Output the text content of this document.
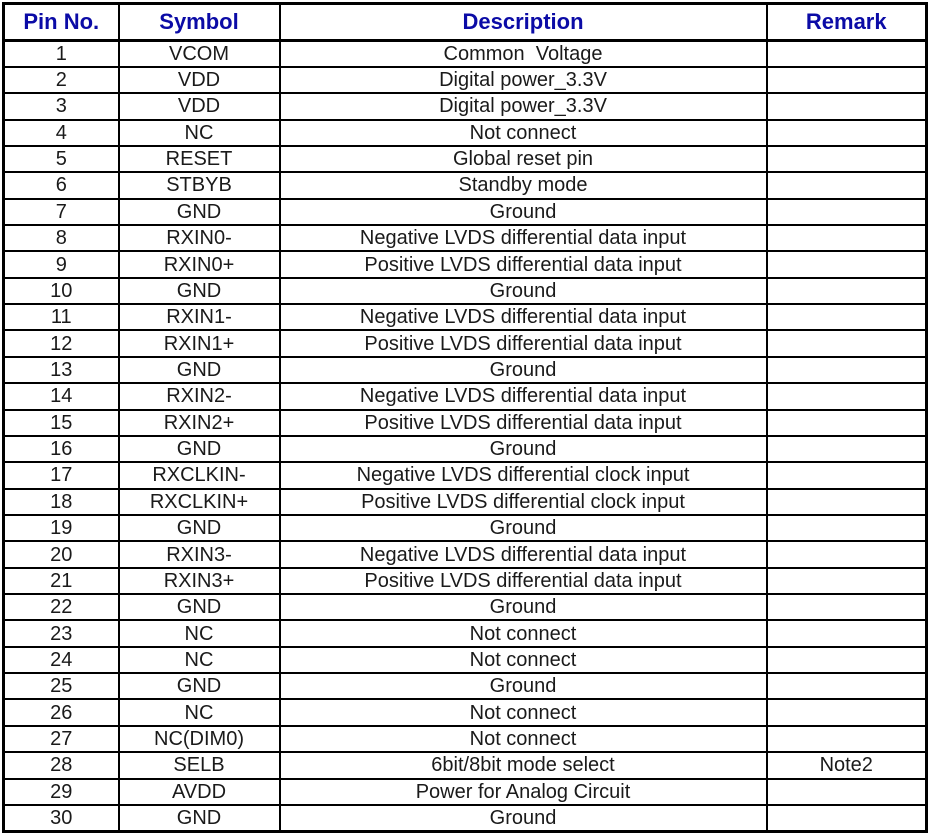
Pin No.	Symbol	Description	Remark
1	VCOM	Common  Voltage	
2	VDD	Digital power_3.3V	
3	VDD	Digital power_3.3V	
4	NC	Not connect	
5	RESET	Global reset pin	
6	STBYB	Standby mode	
7	GND	Ground	
8	RXIN0-	Negative LVDS differential data input	
9	RXIN0+	Positive LVDS differential data input	
10	GND	Ground	
11	RXIN1-	Negative LVDS differential data input	
12	RXIN1+	Positive LVDS differential data input	
13	GND	Ground	
14	RXIN2-	Negative LVDS differential data input	
15	RXIN2+	Positive LVDS differential data input	
16	GND	Ground	
17	RXCLKIN-	Negative LVDS differential clock input	
18	RXCLKIN+	Positive LVDS differential clock input	
19	GND	Ground	
20	RXIN3-	Negative LVDS differential data input	
21	RXIN3+	Positive LVDS differential data input	
22	GND	Ground	
23	NC	Not connect	
24	NC	Not connect	
25	GND	Ground	
26	NC	Not connect	
27	NC(DIM0)	Not connect	
28	SELB	6bit/8bit mode select	Note2
29	AVDD	Power for Analog Circuit	
30	GND	Ground	
